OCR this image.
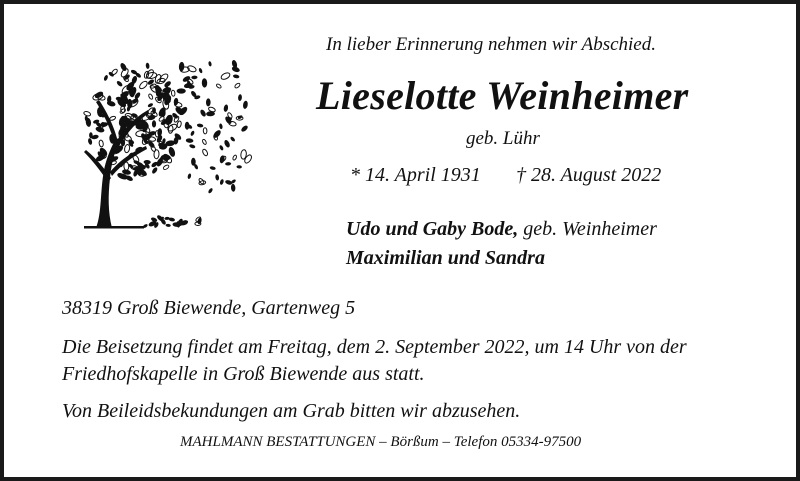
In lieber Erinnerung nehmen wir Abschied.
Lieselotte Weinheimer
geb. Lühr
* 14. April 1931 † 28. August 2022
Udo und Gaby Bode, geb. Weinheimer
Maximilian und Sandra
38319 Groß Biewende, Gartenweg 5
Die Beisetzung findet am Freitag, dem 2. September 2022, um 14 Uhr von der Friedhofskapelle in Groß Biewende aus statt.
Von Beileidsbekundungen am Grab bitten wir abzusehen.
MAHLMANN BESTATTUNGEN – Börßum – Telefon 05334-97500
